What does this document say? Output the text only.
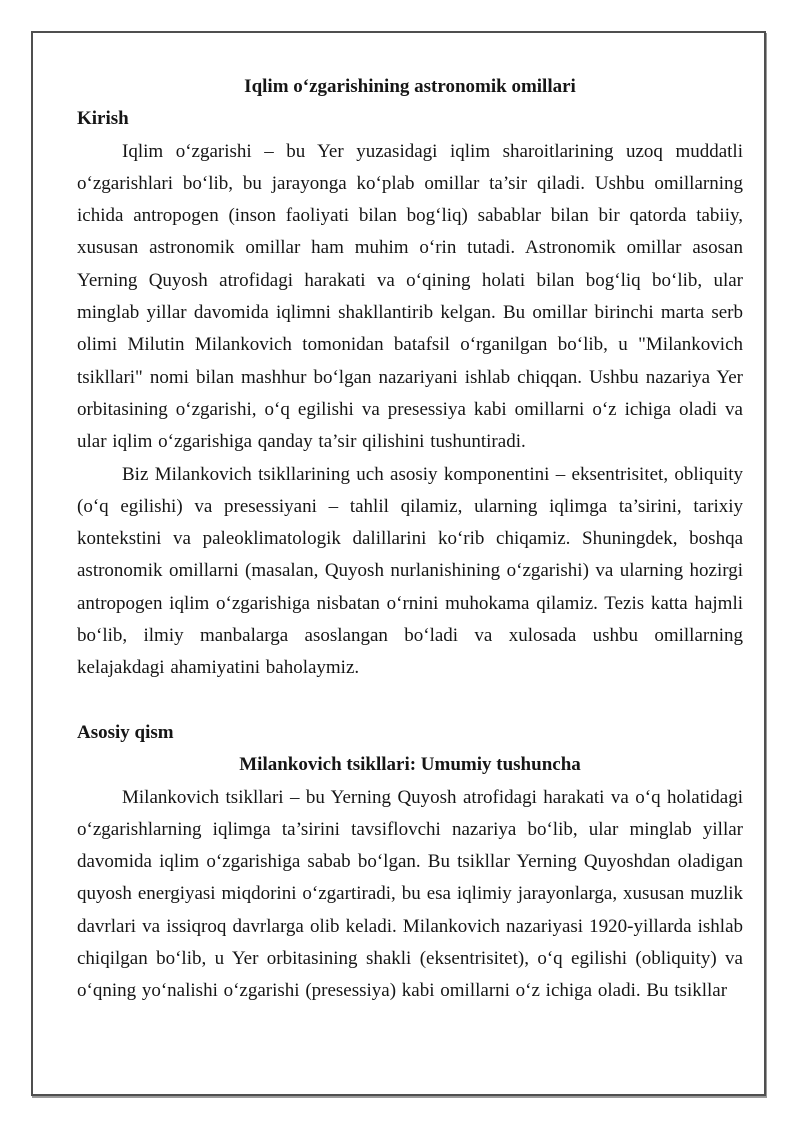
Iqlim o‘zgarishining astronomik omillari

Kirish

Iqlim o‘zgarishi – bu Yer yuzasidagi iqlim sharoitlarining uzoq muddatli o‘zgarishlari bo‘lib, bu jarayonga ko‘plab omillar ta’sir qiladi. Ushbu omillarning ichida antropogen (inson faoliyati bilan bog‘liq) sabablar bilan bir qatorda tabiiy, xususan astronomik omillar ham muhim o‘rin tutadi. Astronomik omillar asosan Yerning Quyosh atrofidagi harakati va o‘qining holati bilan bog‘liq bo‘lib, ular minglab yillar davomida iqlimni shakllantirib kelgan. Bu omillar birinchi marta serb olimi Milutin Milankovich tomonidan batafsil o‘rganilgan bo‘lib, u "Milankovich tsikllari" nomi bilan mashhur bo‘lgan nazariyani ishlab chiqqan. Ushbu nazariya Yer orbitasining o‘zgarishi, o‘q egilishi va presessiya kabi omillarni o‘z ichiga oladi va ular iqlim o‘zgarishiga qanday ta’sir qilishini tushuntiradi.

Biz Milankovich tsikllarining uch asosiy komponentini – eksentrisitet, obliquity (o‘q egilishi) va presessiyani – tahlil qilamiz, ularning iqlimga ta’sirini, tarixiy kontekstini va paleoklimatologik dalillarini ko‘rib chiqamiz. Shuningdek, boshqa astronomik omillarni (masalan, Quyosh nurlanishining o‘zgarishi) va ularning hozirgi antropogen iqlim o‘zgarishiga nisbatan o‘rnini muhokama qilamiz. Tezis katta hajmli bo‘lib, ilmiy manbalarga asoslangan bo‘ladi va xulosada ushbu omillarning kelajakdagi ahamiyatini baholaymiz.

Asosiy qism

Milankovich tsikllari: Umumiy tushuncha

Milankovich tsikllari – bu Yerning Quyosh atrofidagi harakati va o‘q holatidagi o‘zgarishlarning iqlimga ta’sirini tavsiflovchi nazariya bo‘lib, ular minglab yillar davomida iqlim o‘zgarishiga sabab bo‘lgan. Bu tsikllar Yerning Quyoshdan oladigan quyosh energiyasi miqdorini o‘zgartiradi, bu esa iqlimiy jarayonlarga, xususan muzlik davrlari va issiqroq davrlarga olib keladi. Milankovich nazariyasi 1920-yillarda ishlab chiqilgan bo‘lib, u Yer orbitasining shakli (eksentrisitet), o‘q egilishi (obliquity) va o‘qning yo‘nalishi o‘zgarishi (presessiya) kabi omillarni o‘z ichiga oladi. Bu tsikllar
